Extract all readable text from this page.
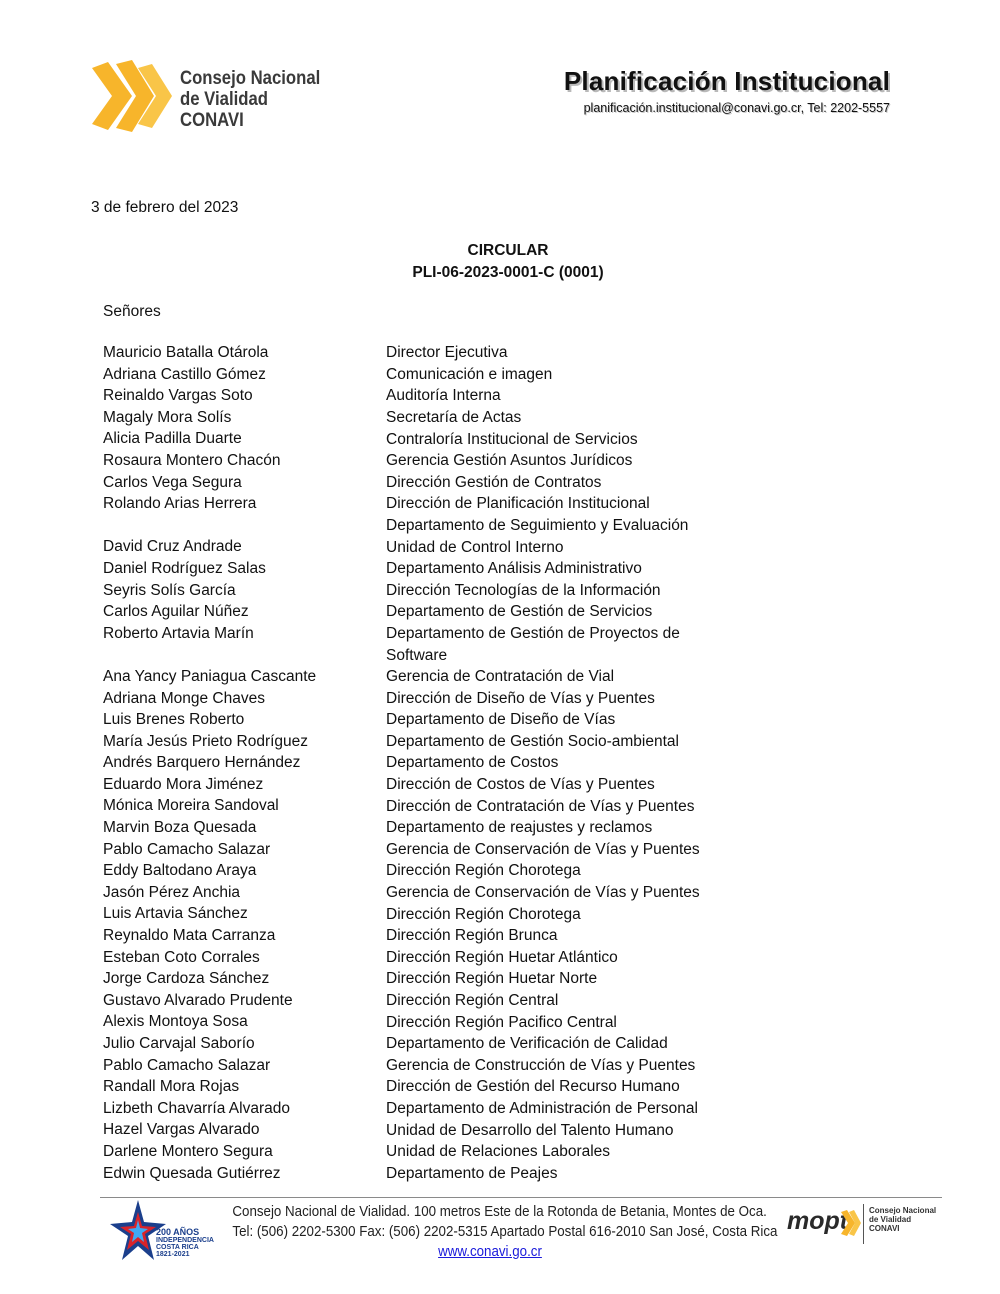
Consejo Nacional
de Vialidad
CONAVI
Planificación Institucional
planificación.institucional@conavi.go.cr, Tel: 2202-5557
3 de febrero del 2023
CIRCULAR
PLI-06-2023-0001-C (0001)
Señores
Mauricio Batalla Otárola	Director Ejecutiva
Adriana Castillo Gómez	Comunicación e imagen
Reinaldo Vargas Soto	Auditoría Interna
Magaly Mora Solís	Secretaría de Actas
Alicia Padilla Duarte	Contraloría Institucional de Servicios
Rosaura Montero Chacón	Gerencia Gestión Asuntos Jurídicos
Carlos Vega Segura	Dirección Gestión de Contratos
Rolando Arias Herrera	Dirección de Planificación Institucional
Departamento de Seguimiento y Evaluación
David Cruz Andrade	Unidad de Control Interno
Daniel Rodríguez Salas	Departamento Análisis Administrativo
Seyris Solís García	Dirección Tecnologías de la Información
Carlos Aguilar Núñez	Departamento de Gestión de Servicios
Roberto Artavia Marín	Departamento de Gestión de Proyectos de Software
Ana Yancy Paniagua Cascante	Gerencia de Contratación de Vial
Adriana Monge Chaves	Dirección de Diseño de Vías y Puentes
Luis Brenes Roberto	Departamento de Diseño de Vías
María Jesús Prieto Rodríguez	Departamento de Gestión Socio-ambiental
Andrés Barquero Hernández	Departamento de Costos
Eduardo Mora Jiménez	Dirección de Costos de Vías y Puentes
Mónica Moreira Sandoval	Dirección de Contratación de Vías y Puentes
Marvin Boza Quesada	Departamento de reajustes y reclamos
Pablo Camacho Salazar	Gerencia de Conservación de Vías y Puentes
Eddy Baltodano Araya	Dirección Región Chorotega
Jasón Pérez Anchia	Gerencia de Conservación de Vías y Puentes
Luis Artavia Sánchez	Dirección Región Chorotega
Reynaldo Mata Carranza	Dirección Región Brunca
Esteban Coto Corrales	Dirección Región Huetar Atlántico
Jorge Cardoza Sánchez	Dirección Región Huetar Norte
Gustavo Alvarado Prudente	Dirección Región Central
Alexis Montoya Sosa	Dirección Región Pacifico Central
Julio Carvajal Saborío	Departamento de Verificación de Calidad
Pablo Camacho Salazar	Gerencia de Construcción de Vías y Puentes
Randall Mora Rojas	Dirección de Gestión del Recurso Humano
Lizbeth Chavarría Alvarado	Departamento de Administración de Personal
Hazel Vargas Alvarado	Unidad de Desarrollo del Talento Humano
Darlene Montero Segura	Unidad de Relaciones Laborales
Edwin Quesada Gutiérrez	Departamento de Peajes
200 AÑOS
INDEPENDENCIA
COSTA RICA
1821-2021
Consejo Nacional de Vialidad. 100 metros Este de la Rotonda de Betania, Montes de Oca.
Tel: (506) 2202-5300 Fax: (506) 2202-5315 Apartado Postal 616-2010 San José, Costa Rica
www.conavi.go.cr
mopt	Consejo Nacional
de Vialidad
CONAVI
